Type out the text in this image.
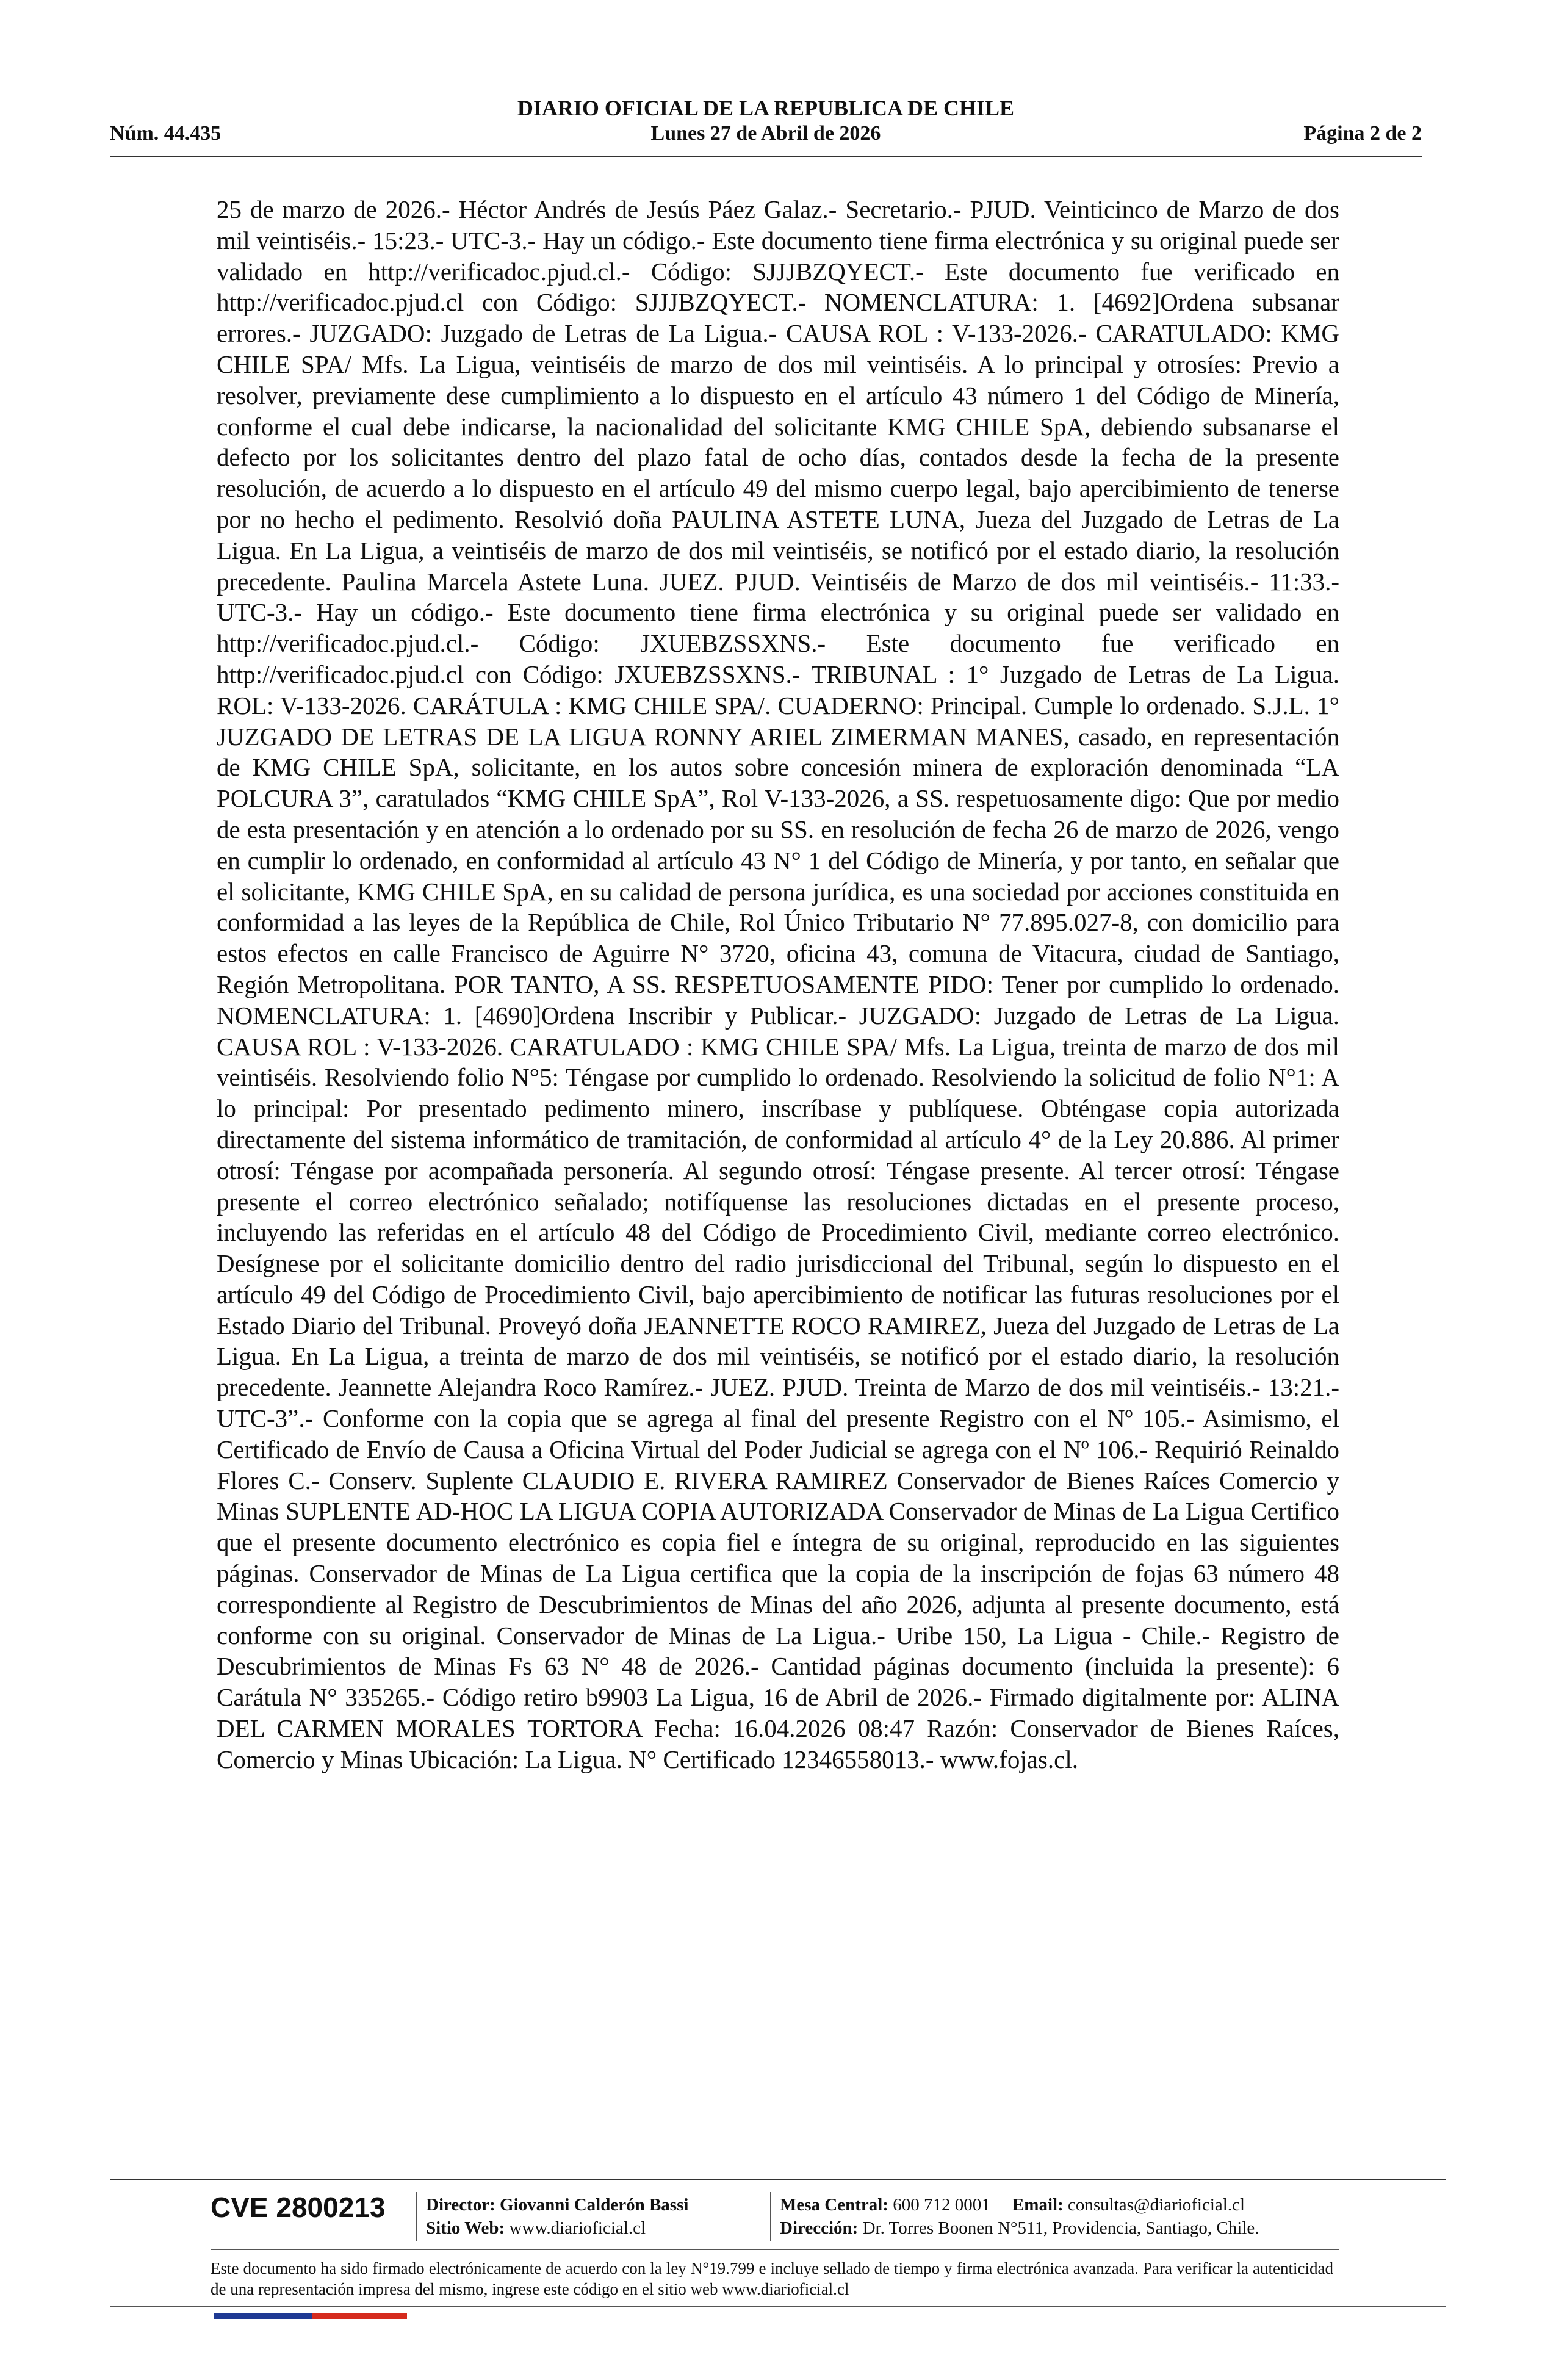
DIARIO OFICIAL DE LA REPUBLICA DE CHILE
Núm. 44.435	Lunes 27 de Abril de 2026	Página 2 de 2

25 de marzo de 2026.- Héctor Andrés de Jesús Páez Galaz.- Secretario.- PJUD. Veinticinco de Marzo de dos mil veintiséis.- 15:23.- UTC-3.- Hay un código.- Este documento tiene firma electrónica y su original puede ser validado en http://verificadoc.pjud.cl.- Código: SJJJBZQYECT.- Este documento fue verificado en http://verificadoc.pjud.cl con Código: SJJJBZQYECT.- NOMENCLATURA: 1. [4692]Ordena subsanar errores.- JUZGADO: Juzgado de Letras de La Ligua.- CAUSA ROL : V-133-2026.- CARATULADO: KMG CHILE SPA/ Mfs. La Ligua, veintiséis de marzo de dos mil veintiséis. A lo principal y otrosíes: Previo a resolver, previamente dese cumplimiento a lo dispuesto en el artículo 43 número 1 del Código de Minería, conforme el cual debe indicarse, la nacionalidad del solicitante KMG CHILE SpA, debiendo subsanarse el defecto por los solicitantes dentro del plazo fatal de ocho días, contados desde la fecha de la presente resolución, de acuerdo a lo dispuesto en el artículo 49 del mismo cuerpo legal, bajo apercibimiento de tenerse por no hecho el pedimento. Resolvió doña PAULINA ASTETE LUNA, Jueza del Juzgado de Letras de La Ligua. En La Ligua, a veintiséis de marzo de dos mil veintiséis, se notificó por el estado diario, la resolución precedente. Paulina Marcela Astete Luna. JUEZ. PJUD. Veintiséis de Marzo de dos mil veintiséis.- 11:33.- UTC-3.- Hay un código.- Este documento tiene firma electrónica y su original puede ser validado en http://verificadoc.pjud.cl.- Código: JXUEBZSSXNS.- Este documento fue verificado en http://verificadoc.pjud.cl con Código: JXUEBZSSXNS.- TRIBUNAL : 1° Juzgado de Letras de La Ligua. ROL: V-133-2026. CARÁTULA : KMG CHILE SPA/. CUADERNO: Principal. Cumple lo ordenado. S.J.L. 1° JUZGADO DE LETRAS DE LA LIGUA RONNY ARIEL ZIMERMAN MANES, casado, en representación de KMG CHILE SpA, solicitante, en los autos sobre concesión minera de exploración denominada “LA POLCURA 3”, caratulados “KMG CHILE SpA”, Rol V-133-2026, a SS. respetuosamente digo: Que por medio de esta presentación y en atención a lo ordenado por su SS. en resolución de fecha 26 de marzo de 2026, vengo en cumplir lo ordenado, en conformidad al artículo 43 N° 1 del Código de Minería, y por tanto, en señalar que el solicitante, KMG CHILE SpA, en su calidad de persona jurídica, es una sociedad por acciones constituida en conformidad a las leyes de la República de Chile, Rol Único Tributario N° 77.895.027-8, con domicilio para estos efectos en calle Francisco de Aguirre N° 3720, oficina 43, comuna de Vitacura, ciudad de Santiago, Región Metropolitana. POR TANTO, A SS. RESPETUOSAMENTE PIDO: Tener por cumplido lo ordenado. NOMENCLATURA: 1. [4690]Ordena Inscribir y Publicar.- JUZGADO: Juzgado de Letras de La Ligua. CAUSA ROL : V-133-2026. CARATULADO : KMG CHILE SPA/ Mfs. La Ligua, treinta de marzo de dos mil veintiséis. Resolviendo folio N°5: Téngase por cumplido lo ordenado. Resolviendo la solicitud de folio N°1: A lo principal: Por presentado pedimento minero, inscríbase y publíquese. Obténgase copia autorizada directamente del sistema informático de tramitación, de conformidad al artículo 4° de la Ley 20.886. Al primer otrosí: Téngase por acompañada personería. Al segundo otrosí: Téngase presente. Al tercer otrosí: Téngase presente el correo electrónico señalado; notifíquense las resoluciones dictadas en el presente proceso, incluyendo las referidas en el artículo 48 del Código de Procedimiento Civil, mediante correo electrónico. Desígnese por el solicitante domicilio dentro del radio jurisdiccional del Tribunal, según lo dispuesto en el artículo 49 del Código de Procedimiento Civil, bajo apercibimiento de notificar las futuras resoluciones por el Estado Diario del Tribunal. Proveyó doña JEANNETTE ROCO RAMIREZ, Jueza del Juzgado de Letras de La Ligua. En La Ligua, a treinta de marzo de dos mil veintiséis, se notificó por el estado diario, la resolución precedente. Jeannette Alejandra Roco Ramírez.- JUEZ. PJUD. Treinta de Marzo de dos mil veintiséis.- 13:21.- UTC-3”.- Conforme con la copia que se agrega al final del presente Registro con el Nº 105.- Asimismo, el Certificado de Envío de Causa a Oficina Virtual del Poder Judicial se agrega con el Nº 106.- Requirió Reinaldo Flores C.- Conserv. Suplente CLAUDIO E. RIVERA RAMIREZ Conservador de Bienes Raíces Comercio y Minas SUPLENTE AD-HOC LA LIGUA COPIA AUTORIZADA Conservador de Minas de La Ligua Certifico que el presente documento electrónico es copia fiel e íntegra de su original, reproducido en las siguientes páginas. Conservador de Minas de La Ligua certifica que la copia de la inscripción de fojas 63 número 48 correspondiente al Registro de Descubrimientos de Minas del año 2026, adjunta al presente documento, está conforme con su original. Conservador de Minas de La Ligua.- Uribe 150, La Ligua - Chile.- Registro de Descubrimientos de Minas Fs 63 N° 48 de 2026.- Cantidad páginas documento (incluida la presente): 6 Carátula N° 335265.- Código retiro b9903 La Ligua, 16 de Abril de 2026.- Firmado digitalmente por: ALINA DEL CARMEN MORALES TORTORA Fecha: 16.04.2026 08:47 Razón: Conservador de Bienes Raíces, Comercio y Minas Ubicación: La Ligua. N° Certificado 12346558013.- www.fojas.cl.

CVE 2800213 Director: Giovanni Calderón Bassi
Sitio Web: www.diarioficial.cl
Mesa Central: 600 712 0001 Email: consultas@diarioficial.cl
Dirección: Dr. Torres Boonen N°511, Providencia, Santiago, Chile.
Este documento ha sido firmado electrónicamente de acuerdo con la ley N°19.799 e incluye sellado de tiempo y firma electrónica avanzada. Para verificar la autenticidad de una representación impresa del mismo, ingrese este código en el sitio web www.diarioficial.cl
